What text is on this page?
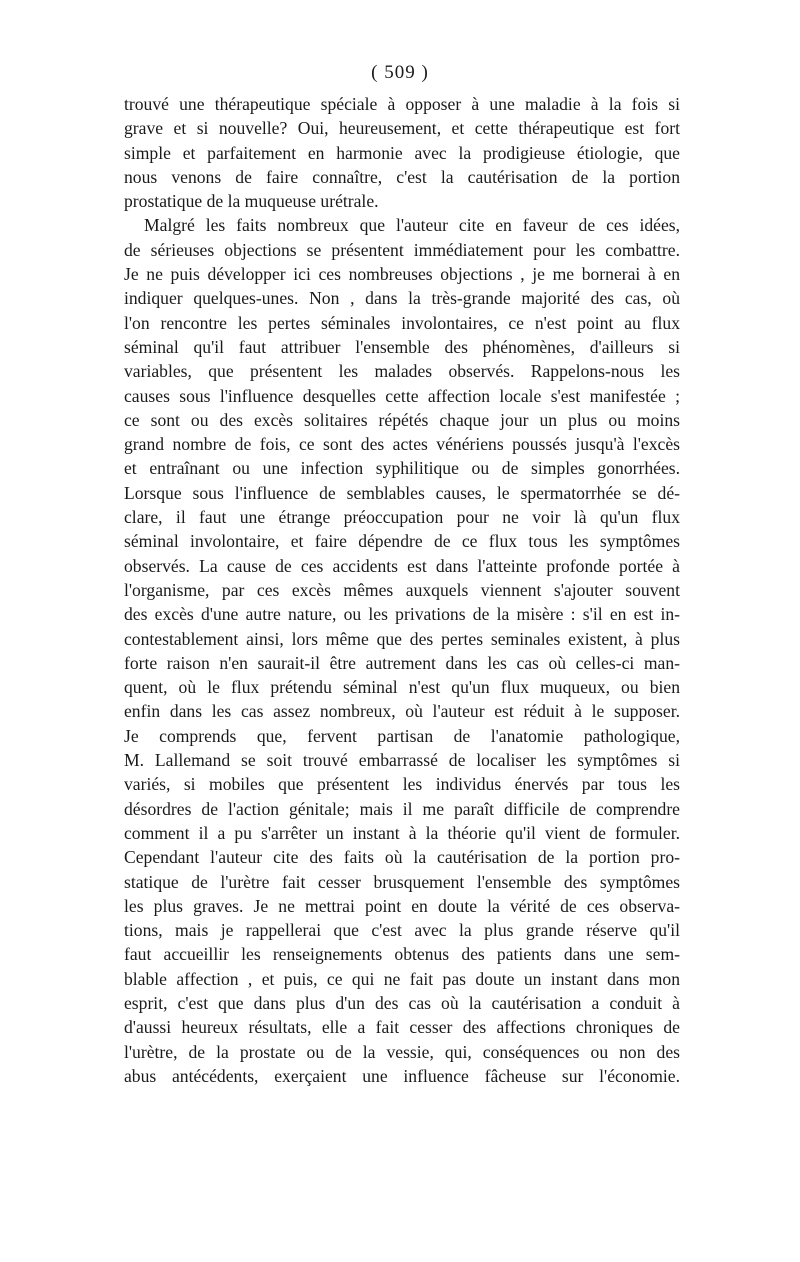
( 509 )
trouvé une thérapeutique spéciale à opposer à une maladie à la fois si
grave et si nouvelle? Oui, heureusement, et cette thérapeutique est fort
simple et parfaitement en harmonie avec la prodigieuse étiologie, que
nous venons de faire connaître, c'est la cautérisation de la portion
prostatique de la muqueuse urétrale.
Malgré les faits nombreux que l'auteur cite en faveur de ces idées,
de sérieuses objections se présentent immédiatement pour les combattre.
Je ne puis développer ici ces nombreuses objections , je me bornerai à en
indiquer quelques-unes. Non , dans la très-grande majorité des cas, où
l'on rencontre les pertes séminales involontaires, ce n'est point au flux
séminal qu'il faut attribuer l'ensemble des phénomènes, d'ailleurs si
variables, que présentent les malades observés. Rappelons-nous les
causes sous l'influence desquelles cette affection locale s'est manifestée ;
ce sont ou des excès solitaires répétés chaque jour un plus ou moins
grand nombre de fois, ce sont des actes vénériens poussés jusqu'à l'excès
et entraînant ou une infection syphilitique ou de simples gonorrhées.
Lorsque sous l'influence de semblables causes, le spermatorrhée se dé-
clare, il faut une étrange préoccupation pour ne voir là qu'un flux
séminal involontaire, et faire dépendre de ce flux tous les symptômes
observés. La cause de ces accidents est dans l'atteinte profonde portée à
l'organisme, par ces excès mêmes auxquels viennent s'ajouter souvent
des excès d'une autre nature, ou les privations de la misère : s'il en est in-
contestablement ainsi, lors même que des pertes seminales existent, à plus
forte raison n'en saurait-il être autrement dans les cas où celles-ci man-
quent, où le flux prétendu séminal n'est qu'un flux muqueux, ou bien
enfin dans les cas assez nombreux, où l'auteur est réduit à le supposer.
Je comprends que, fervent partisan de l'anatomie pathologique,
M. Lallemand se soit trouvé embarrassé de localiser les symptômes si
variés, si mobiles que présentent les individus énervés par tous les
désordres de l'action génitale; mais il me paraît difficile de comprendre
comment il a pu s'arrêter un instant à la théorie qu'il vient de formuler.
Cependant l'auteur cite des faits où la cautérisation de la portion pro-
statique de l'urètre fait cesser brusquement l'ensemble des symptômes
les plus graves. Je ne mettrai point en doute la vérité de ces observa-
tions, mais je rappellerai que c'est avec la plus grande réserve qu'il
faut accueillir les renseignements obtenus des patients dans une sem-
blable affection , et puis, ce qui ne fait pas doute un instant dans mon
esprit, c'est que dans plus d'un des cas où la cautérisation a conduit à
d'aussi heureux résultats, elle a fait cesser des affections chroniques de
l'urètre, de la prostate ou de la vessie, qui, conséquences ou non des
abus antécédents, exerçaient une influence fâcheuse sur l'économie.
